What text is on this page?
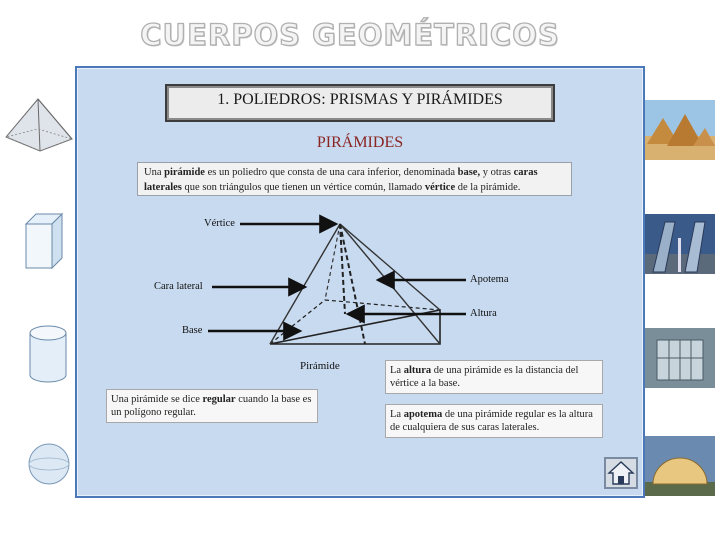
CUERPOS GEOMÉTRICOS
1. POLIEDROS: PRISMAS Y PIRÁMIDES
PIRÁMIDES
Una pirámide es un poliedro que consta de una cara inferior, denominada base, y otras caras laterales que son triángulos que tienen un vértice común, llamado vértice de la pirámide.
Vértice
Cara lateral
Apotema
Altura
Base
Pirámide
Una pirámide se dice regular cuando la base es un polígono regular.
La altura de una pirámide es la distancia del vértice a la base.
La apotema de una pirámide regular es la altura de cualquiera de sus caras laterales.
